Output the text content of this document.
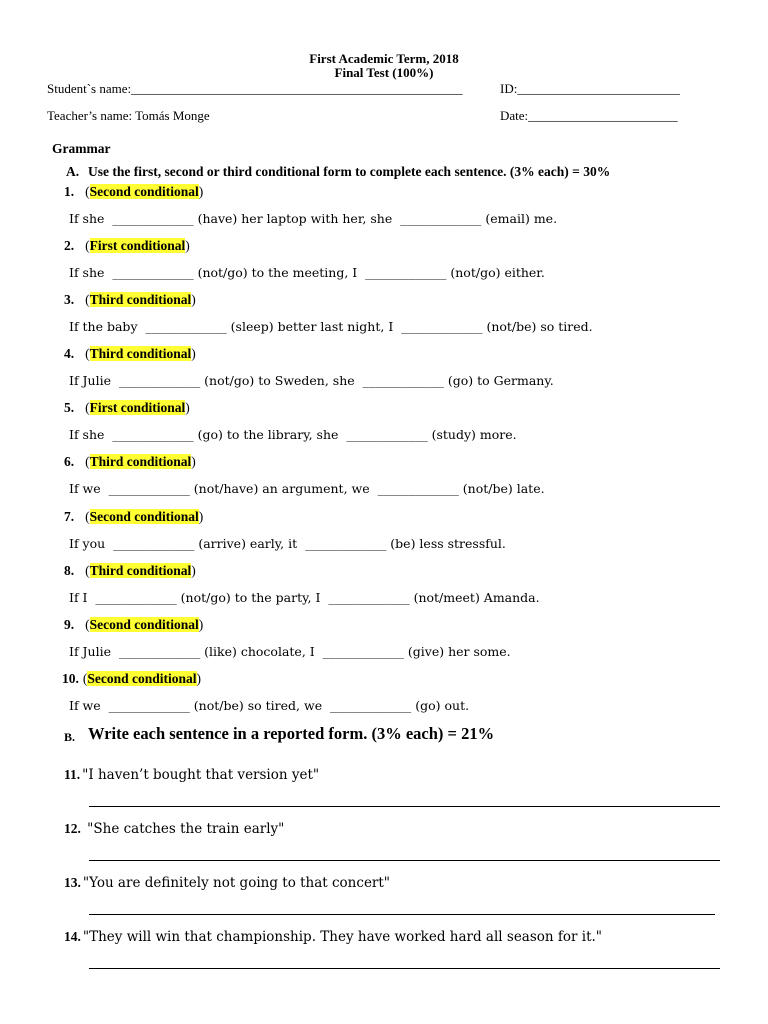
First Academic Term, 2018
Final Test (100%)
Student`s name:___________________________________________________	ID:_________________________
Teacher’s name: Tomás Monge	Date:_______________________
Grammar
A. Use the first, second or third conditional form to complete each sentence. (3% each) = 30%
1. (Second conditional)
If she  _____________ (have) her laptop with her, she  _____________ (email) me.
2. (First conditional)
If she  _____________ (not/go) to the meeting, I  _____________ (not/go) either.
3. (Third conditional)
If the baby  _____________ (sleep) better last night, I  _____________ (not/be) so tired.
4. (Third conditional)
If Julie  _____________ (not/go) to Sweden, she  _____________ (go) to Germany.
5. (First conditional)
If she  _____________ (go) to the library, she  _____________ (study) more.
6. (Third conditional)
If we  _____________ (not/have) an argument, we  _____________ (not/be) late.
7. (Second conditional)
If you  _____________ (arrive) early, it  _____________ (be) less stressful.
8. (Third conditional)
If I  _____________ (not/go) to the party, I  _____________ (not/meet) Amanda.
9. (Second conditional)
If Julie  _____________ (like) chocolate, I  _____________ (give) her some.
10. (Second conditional)
If we  _____________ (not/be) so tired, we  _____________ (go) out.
B. Write each sentence in a reported form. (3% each) = 21%
11. "I haven’t bought that version yet"
12. "She catches the train early"
13. "You are definitely not going to that concert"
14. "They will win that championship. They have worked hard all season for it."
